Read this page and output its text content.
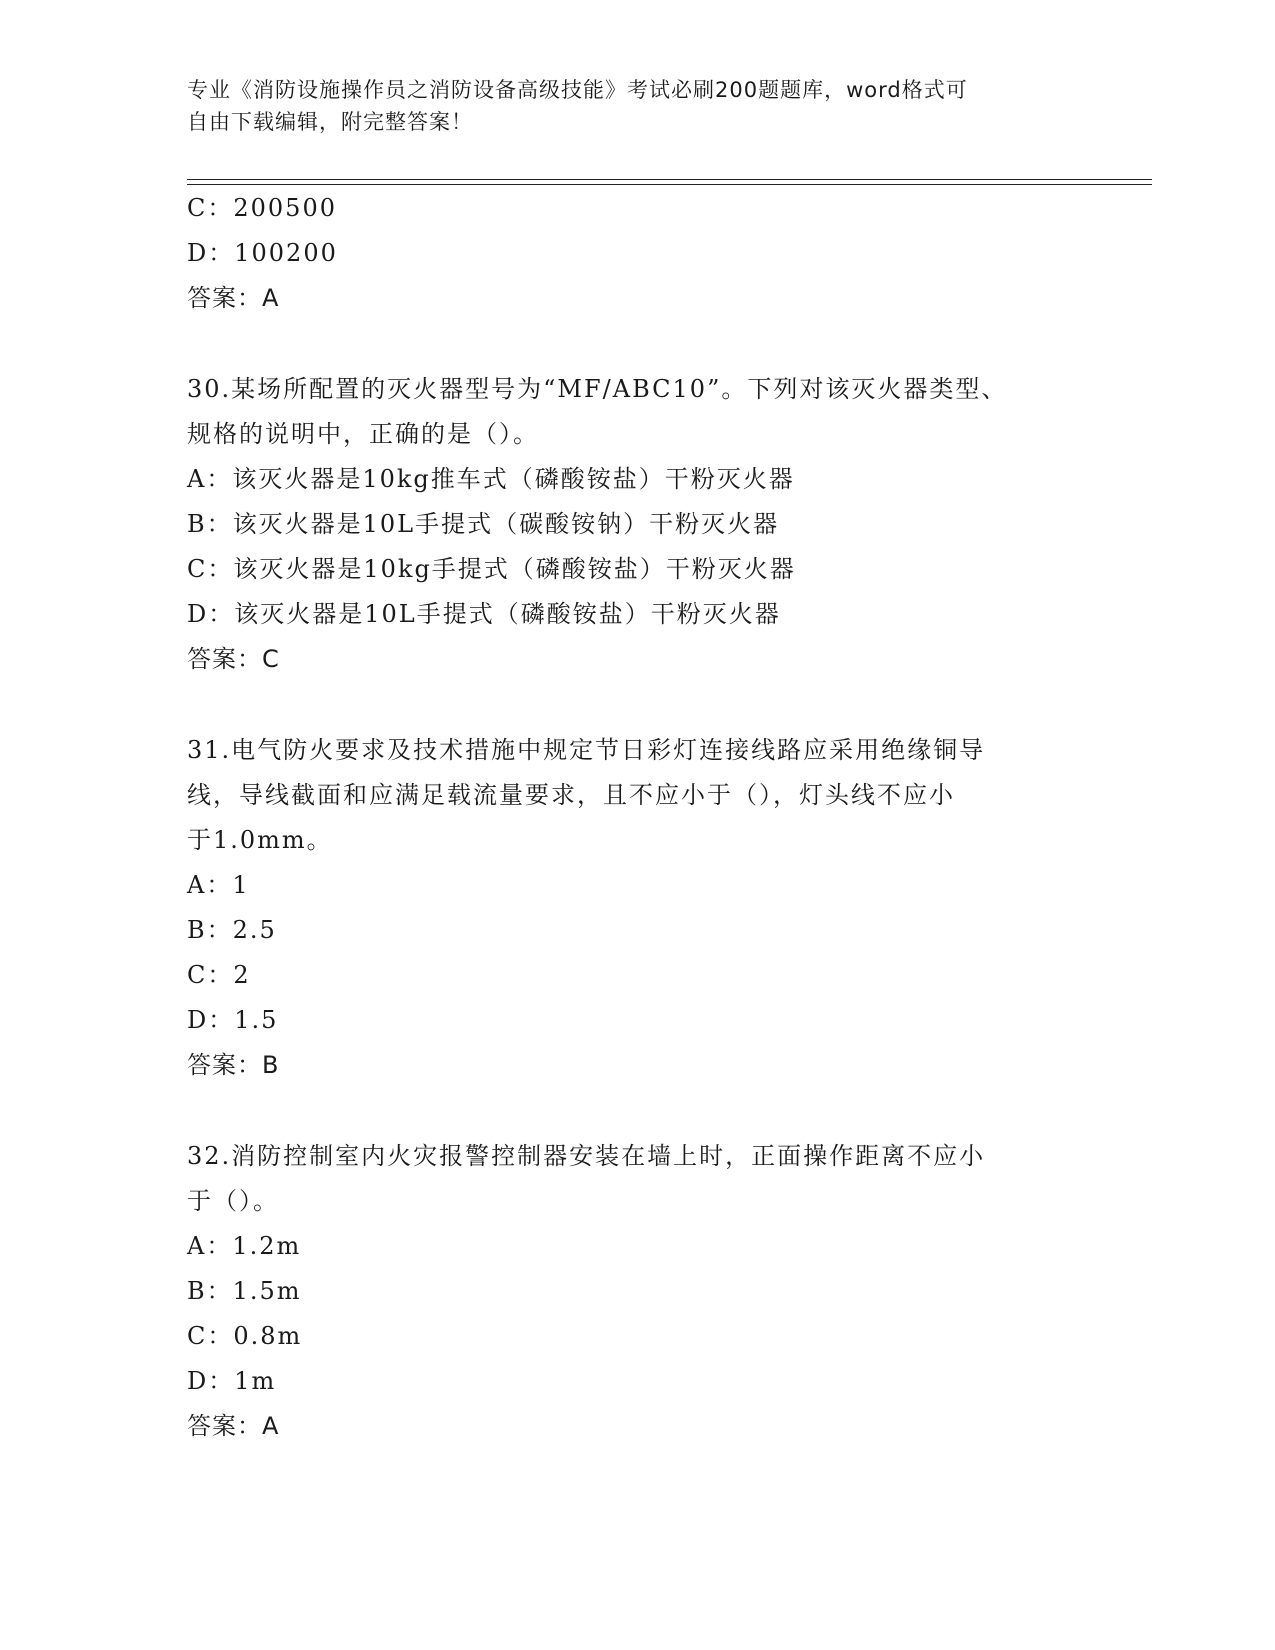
专业《消防设施操作员之消防设备高级技能》考试必刷200题题库，word格式可
自由下载编辑，附完整答案！
C：200500
D：100200
答案：A
30.某场所配置的灭火器型号为“MF/ABC10”。下列对该灭火器类型、
规格的说明中，正确的是（）。
A：该灭火器是10kg推车式（磷酸铵盐）干粉灭火器
B：该灭火器是10L手提式（碳酸铵钠）干粉灭火器
C：该灭火器是10kg手提式（磷酸铵盐）干粉灭火器
D：该灭火器是10L手提式（磷酸铵盐）干粉灭火器
答案：C
31.电气防火要求及技术措施中规定节日彩灯连接线路应采用绝缘铜导
线，导线截面和应满足载流量要求，且不应小于（），灯头线不应小
于1.0mm。
A：1
B：2.5
C：2
D：1.5
答案：B
32.消防控制室内火灾报警控制器安装在墙上时，正面操作距离不应小
于（）。
A：1.2m
B：1.5m
C：0.8m
D：1m
答案：A
